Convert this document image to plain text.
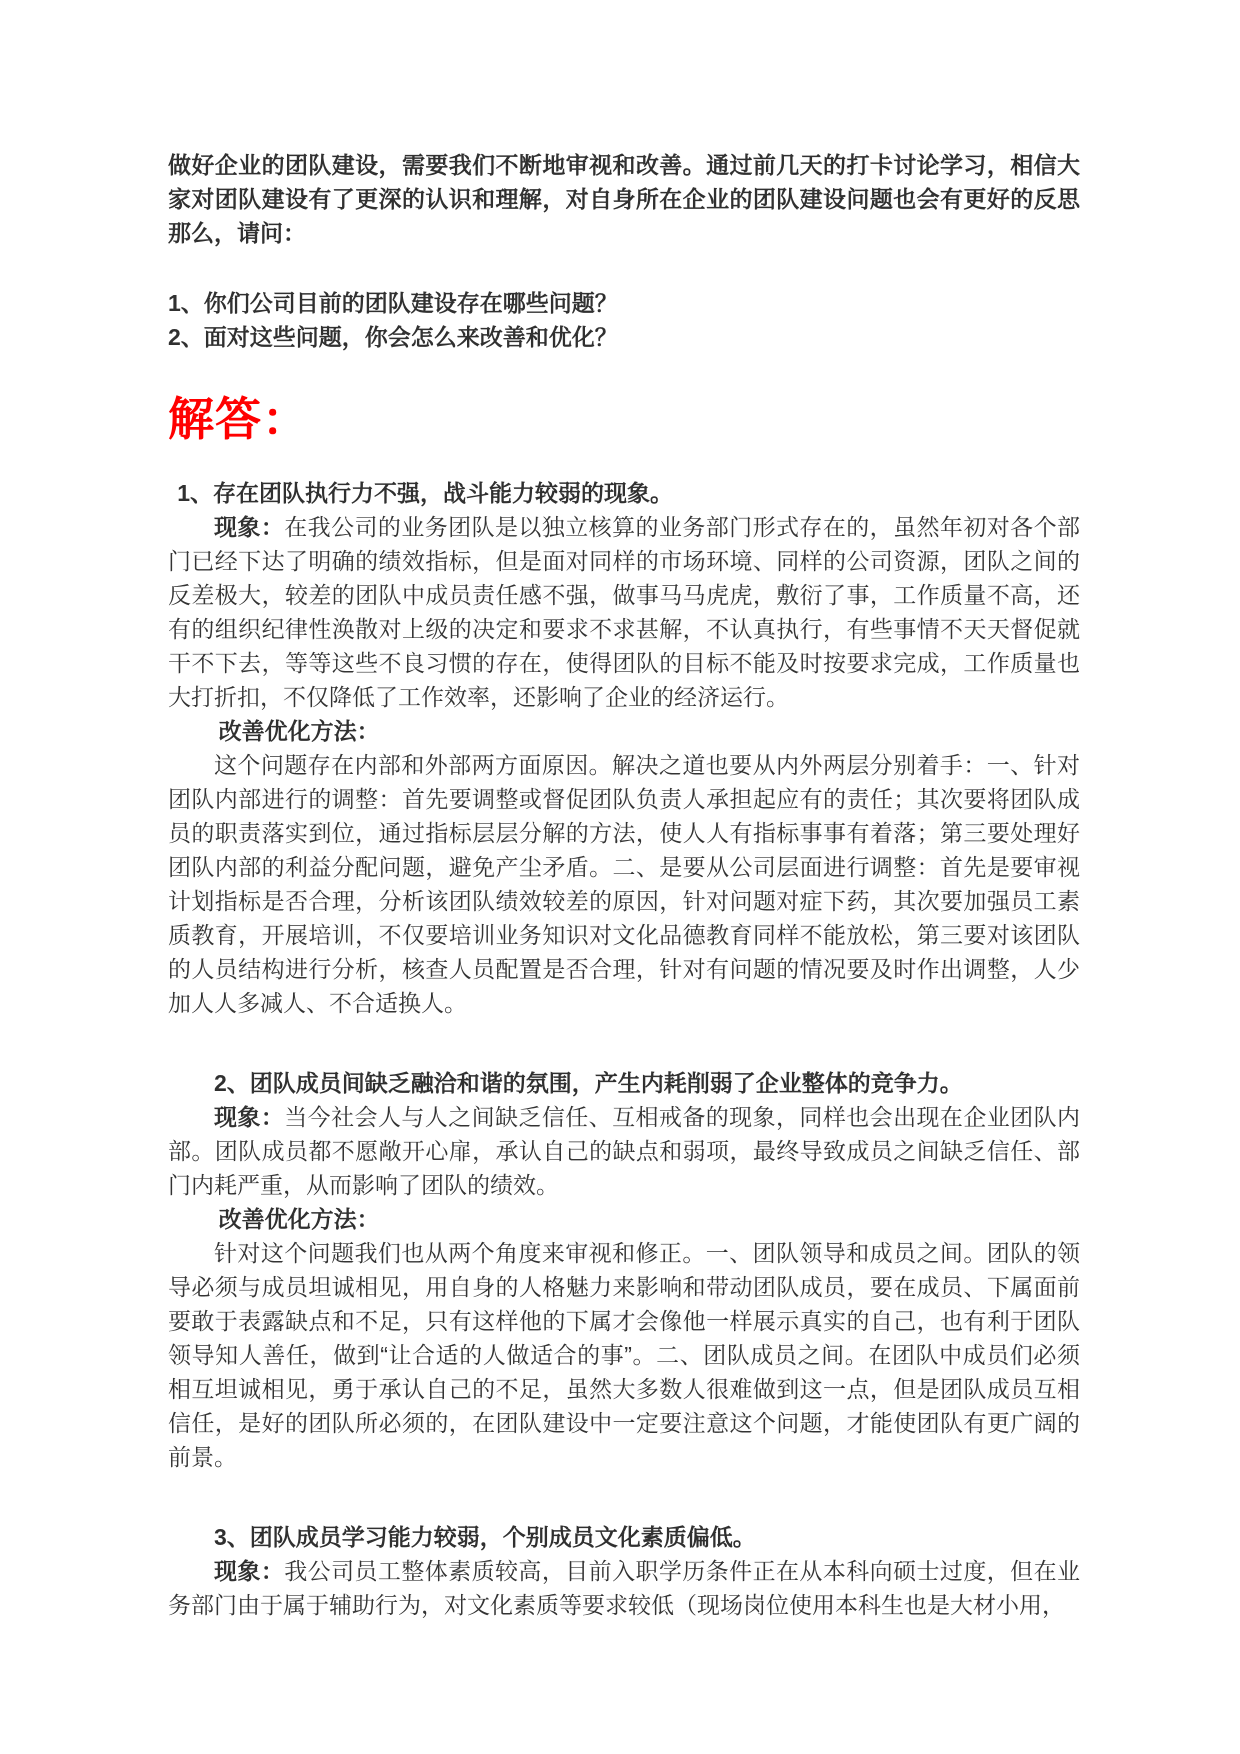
做好企业的团队建设，需要我们不断地审视和改善。通过前几天的打卡讨论学习，相信大家对团队建设有了更深的认识和理解，对自身所在企业的团队建设问题也会有更好的反思那么，请问：

1、你们公司目前的团队建设存在哪些问题？

2、面对这些问题，你会怎么来改善和优化？

解答：

1、存在团队执行力不强，战斗能力较弱的现象。

现象：在我公司的业务团队是以独立核算的业务部门形式存在的，虽然年初对各个部门已经下达了明确的绩效指标，但是面对同样的市场环境、同样的公司资源，团队之间的反差极大，较差的团队中成员责任感不强，做事马马虎虎，敷衍了事，工作质量不高，还有的组织纪律性涣散对上级的决定和要求不求甚解，不认真执行，有些事情不天天督促就干不下去，等等这些不良习惯的存在，使得团队的目标不能及时按要求完成，工作质量也大打折扣，不仅降低了工作效率，还影响了企业的经济运行。

改善优化方法：

这个问题存在内部和外部两方面原因。解决之道也要从内外两层分别着手：一、针对团队内部进行的调整：首先要调整或督促团队负责人承担起应有的责任；其次要将团队成员的职责落实到位，通过指标层层分解的方法，使人人有指标事事有着落；第三要处理好团队内部的利益分配问题，避免产尘矛盾。二、是要从公司层面进行调整：首先是要审视计划指标是否合理，分析该团队绩效较差的原因，针对问题对症下药，其次要加强员工素质教育，开展培训，不仅要培训业务知识对文化品德教育同样不能放松，第三要对该团队的人员结构进行分析，核查人员配置是否合理，针对有问题的情况要及时作出调整，人少加人人多减人、不合适换人。

2、团队成员间缺乏融洽和谐的氛围，产生内耗削弱了企业整体的竞争力。

现象：当今社会人与人之间缺乏信任、互相戒备的现象，同样也会出现在企业团队内部。团队成员都不愿敞开心扉，承认自己的缺点和弱项，最终导致成员之间缺乏信任、部门内耗严重，从而影响了团队的绩效。

改善优化方法：

针对这个问题我们也从两个角度来审视和修正。一、团队领导和成员之间。团队的领导必须与成员坦诚相见，用自身的人格魅力来影响和带动团队成员，要在成员、下属面前要敢于表露缺点和不足，只有这样他的下属才会像他一样展示真实的自己，也有利于团队领导知人善任，做到“让合适的人做适合的事”。二、团队成员之间。在团队中成员们必须相互坦诚相见，勇于承认自己的不足，虽然大多数人很难做到这一点，但是团队成员互相信任，是好的团队所必须的，在团队建设中一定要注意这个问题，才能使团队有更广阔的前景。

3、团队成员学习能力较弱，个别成员文化素质偏低。

现象：我公司员工整体素质较高，目前入职学历条件正在从本科向硕士过度，但在业务部门由于属于辅助行为，对文化素质等要求较低（现场岗位使用本科生也是大材小用，
